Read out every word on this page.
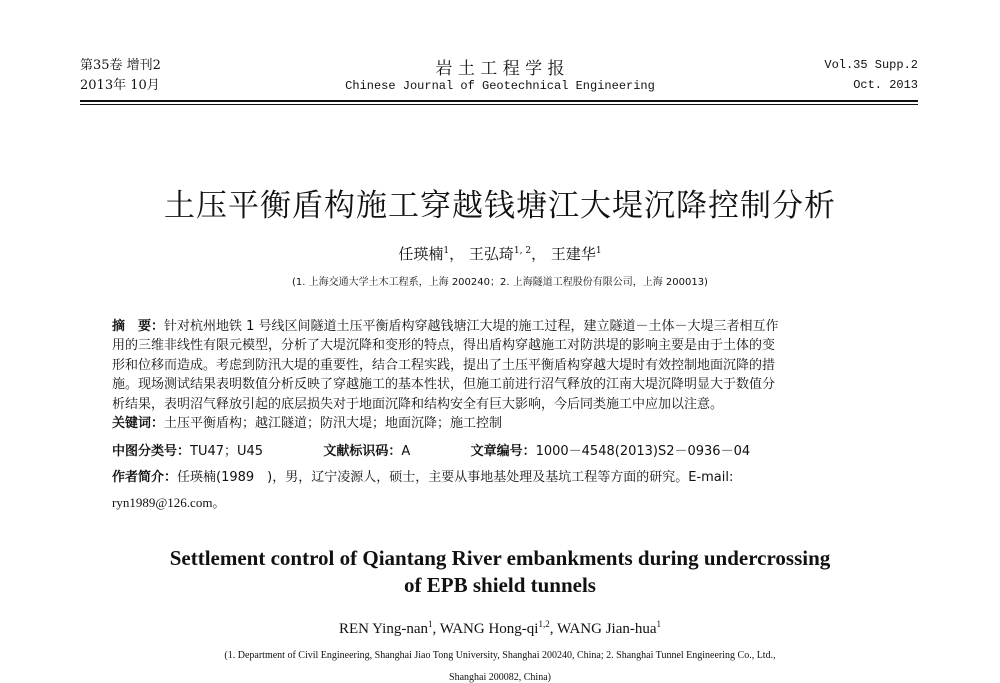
第35卷 增刊2
2013年 10月
岩 土 工 程 学 报
Chinese Journal of Geotechnical Engineering
Vol.35 Supp.2
Oct. 2013
土压平衡盾构施工穿越钱塘江大堤沉降控制分析
任瑛楠$^1$， 王弘琦$^{1, 2}$， 王建华$^1$
(1. 上海交通大学土木工程系，上海 200240；2. 上海隧道工程股份有限公司，上海 200013)
摘　要：针对杭州地铁 1 号线区间隧道土压平衡盾构穿越钱塘江大堤的施工过程，建立隧道－土体－大堤三者相互作
用的三维非线性有限元模型，分析了大堤沉降和变形的特点，得出盾构穿越施工对防洪堤的影响主要是由于土体的变
形和位移而造成。考虑到防汛大堤的重要性，结合工程实践，提出了土压平衡盾构穿越大堤时有效控制地面沉降的措
施。现场测试结果表明数值分析反映了穿越施工的基本性状，但施工前进行沼气释放的江南大堤沉降明显大于数值分
析结果，表明沼气释放引起的底层损失对于地面沉降和结构安全有巨大影响，今后同类施工中应加以注意。
关键词：土压平衡盾构；越江隧道；防汛大堤；地面沉降；施工控制
中图分类号：TU47；U45	文献标识码：A	文章编号：1000－4548(2013)S2－0936－04
作者简介：任瑛楠(1989　)，男，辽宁凌源人，硕士，主要从事地基处理及基坑工程等方面的研究。E-mail:
ryn1989@126.com。
Settlement control of Qiantang River embankments during undercrossing
of EPB shield tunnels
REN Ying-nan$^1$, WANG Hong-qi$^{1,2}$, WANG Jian-hua$^1$
(1. Department of Civil Engineering, Shanghai Jiao Tong University, Shanghai 200240, China; 2. Shanghai Tunnel Engineering Co., Ltd.,
Shanghai 200082, China)
